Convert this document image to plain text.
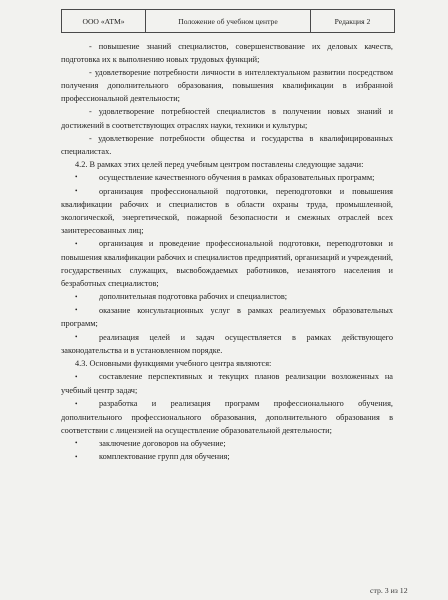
ООО «АТМ»	Положение об учебном центре	Редакция 2

- повышение знаний специалистов, совершенствование их деловых качеств, подготовка их к выполнению новых трудовых функций;

- удовлетворение потребности личности в интеллектуальном развитии посредством получения дополнительного образования, повышения квалификации в избранной профессиональной деятельности;

- удовлетворение потребностей специалистов в получении новых знаний и достижений в соответствующих отраслях науки, техники и культуры;

- удовлетворение потребности общества и государства в квалифицированных специалистах.

4.2. В рамках этих целей перед учебным центром поставлены следующие задачи:

•	осуществление качественного обучения в рамках образовательных программ;

•	организация профессиональной подготовки, переподготовки и повышения квалификации рабочих и специалистов в области охраны труда, промышленной, экологической, энергетической, пожарной безопасности и смежных отраслей всех заинтересованных лиц;

•	организация и проведение профессиональной подготовки, переподготовки и повышения квалификации рабочих и специалистов предприятий, организаций и учреждений, государственных служащих, высвобождаемых работников, незанятого населения и безработных специалистов;

•	дополнительная подготовка рабочих и специалистов;

•	оказание консультационных услуг в рамках реализуемых образовательных программ;

•	реализация целей и задач осуществляется в рамках действующего законодательства и в установленном порядке.

4.3. Основными функциями учебного центра являются:

•	составление перспективных и текущих планов реализации возложенных на учебный центр задач;

•	разработка и реализация программ профессионального обучения, дополнительного профессионального образования, дополнительного образования в соответствии с лицензией на осуществление образовательной деятельности;

•	заключение договоров на обучение;

•	комплектование групп для обучения;

стр. 3 из 12
